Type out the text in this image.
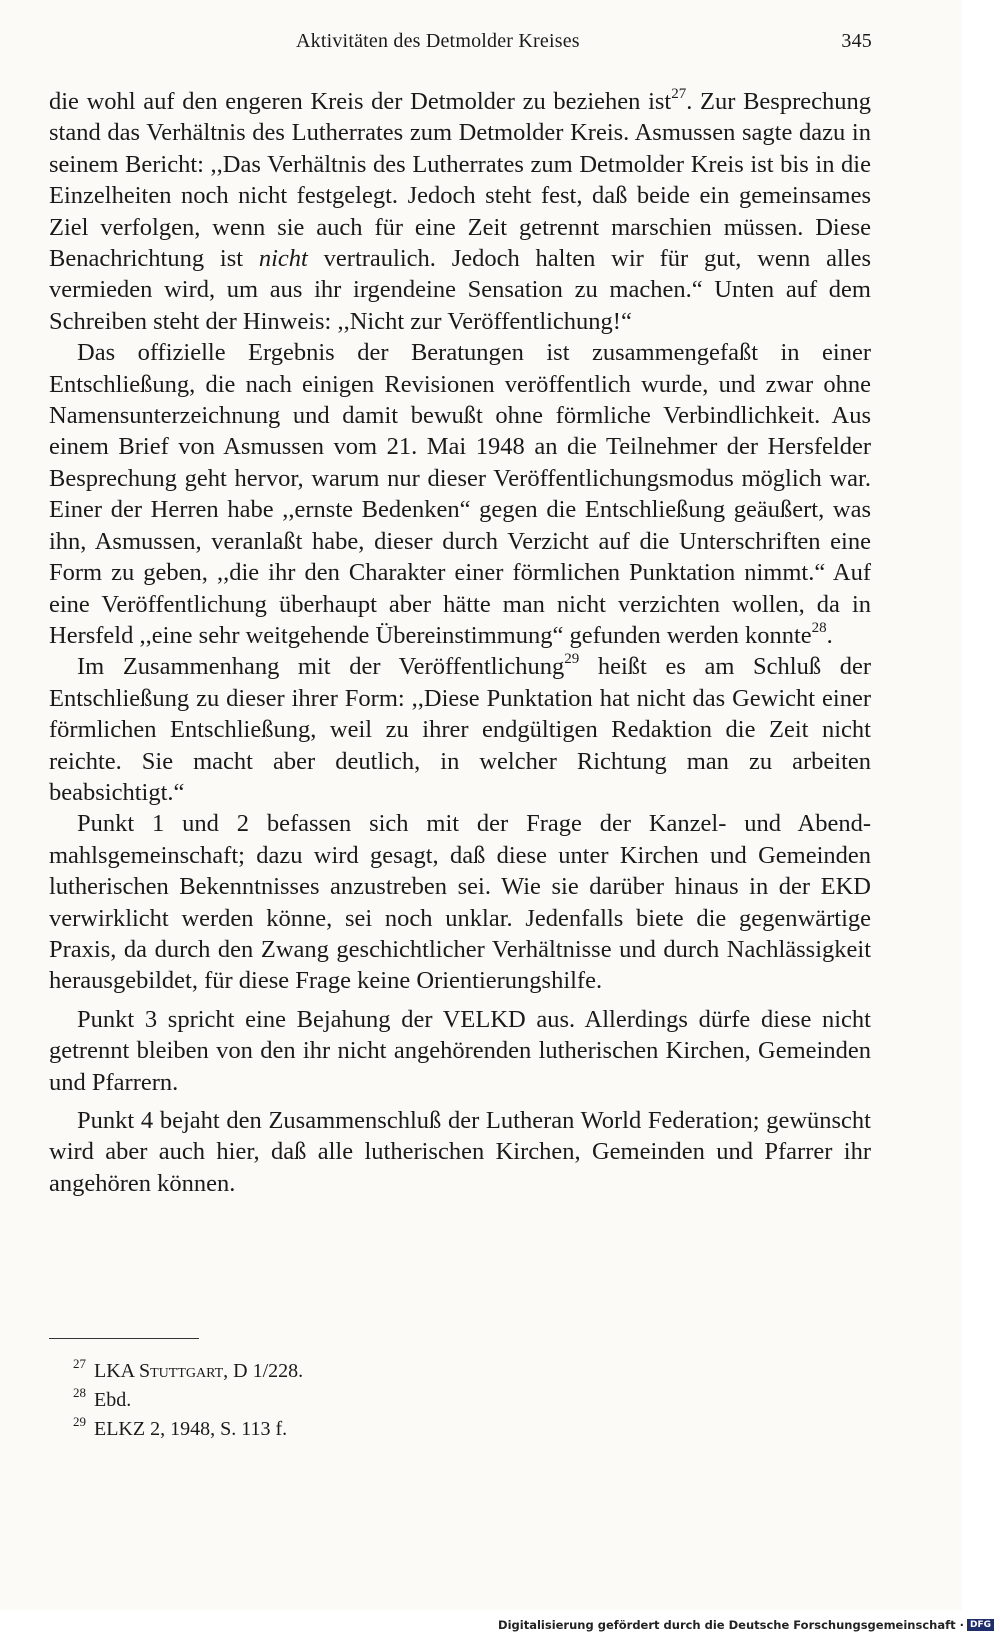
Aktivitäten des Detmolder Kreises	345

die wohl auf den engeren Kreis der Detmolder zu beziehen ist$^{27}$. Zur Besprechung stand das Verhältnis des Lutherrates zum Detmolder Kreis. Asmussen sagte dazu in seinem Bericht: ,,Das Verhältnis des Lutherrates zum Detmolder Kreis ist bis in die Einzelheiten noch nicht festgelegt. Jedoch steht fest, daß beide ein gemeinsames Ziel verfolgen, wenn sie auch für eine Zeit getrennt marschien müssen. Diese Benachrichtung ist nicht vertraulich. Jedoch halten wir für gut, wenn alles vermieden wird, um aus ihr irgendeine Sensation zu machen.“ Unten auf dem Schreiben steht der Hinweis: ,,Nicht zur Veröffentlichung!“

Das offizielle Ergebnis der Beratungen ist zusammengefaßt in einer Entschließung, die nach einigen Revisionen veröffentlich wurde, und zwar ohne Namensunterzeichnung und damit bewußt ohne förmliche Verbindlichkeit. Aus einem Brief von Asmussen vom 21. Mai 1948 an die Teilnehmer der Hersfelder Besprechung geht hervor, warum nur dieser Veröffentlichungsmodus möglich war. Einer der Herren habe ,,ernste Bedenken“ gegen die Entschließung geäußert, was ihn, Asmussen, veranlaßt habe, dieser durch Verzicht auf die Unterschriften eine Form zu geben, ,,die ihr den Charakter einer förmlichen Punktation nimmt.“ Auf eine Veröffentlichung überhaupt aber hätte man nicht verzichten wollen, da in Hersfeld ,,eine sehr weitgehende Übereinstimmung“ gefunden werden konnte$^{28}$.

Im Zusammenhang mit der Veröffentlichung$^{29}$ heißt es am Schluß der Entschließung zu dieser ihrer Form: ,,Diese Punktation hat nicht das Gewicht einer förmlichen Entschließung, weil zu ihrer endgültigen Redaktion die Zeit nicht reichte. Sie macht aber deutlich, in welcher Richtung man zu arbeiten beabsichtigt.“

Punkt 1 und 2 befassen sich mit der Frage der Kanzel- und Abendmahlsgemeinschaft; dazu wird gesagt, daß diese unter Kirchen und Gemeinden lutherischen Bekenntnisses anzustreben sei. Wie sie darüber hinaus in der EKD verwirklicht werden könne, sei noch unklar. Jedenfalls biete die gegenwärtige Praxis, da durch den Zwang geschichtlicher Verhältnisse und durch Nachlässigkeit herausgebildet, für diese Frage keine Orientierungshilfe.

Punkt 3 spricht eine Bejahung der VELKD aus. Allerdings dürfe diese nicht getrennt bleiben von den ihr nicht angehörenden lutherischen Kirchen, Gemeinden und Pfarrern.

Punkt 4 bejaht den Zusammenschluß der Lutheran World Federation; gewünscht wird aber auch hier, daß alle lutherischen Kirchen, Gemeinden und Pfarrer ihr angehören können.

$^{27}$ LKA Stuttgart, D 1/228.
$^{28}$ Ebd.
$^{29}$ ELKZ 2, 1948, S. 113 f.
Digitalisierung gefördert durch die Deutsche Forschungsgemeinschaft · DFG
